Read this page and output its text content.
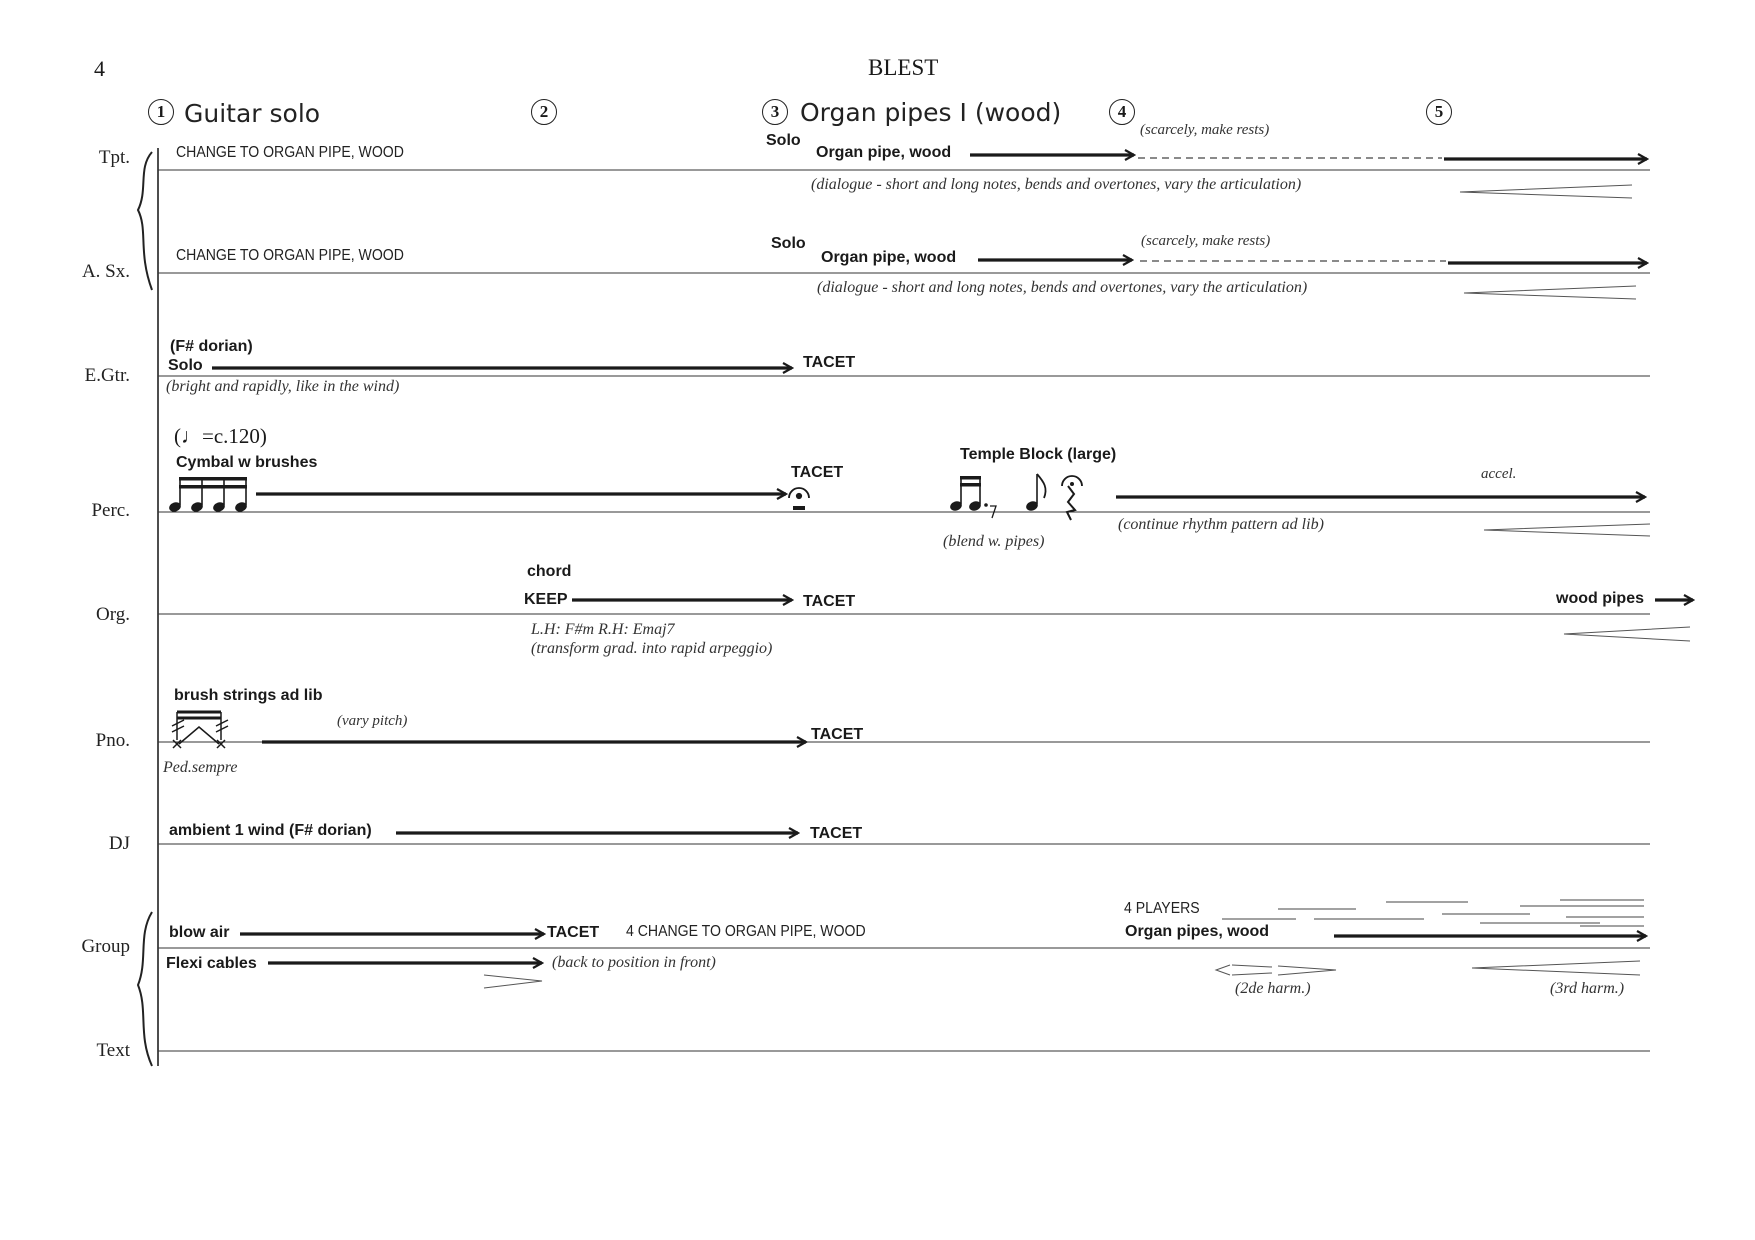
4	BLEST
1 Guitar solo	2	3 Organ pipes I (wood)	4	5
Tpt.
A. Sx.
E.Gtr.
Perc.
Org.
Pno.
DJ
Group
Text
CHANGE TO ORGAN PIPE, WOOD
Solo
Organ pipe, wood
(scarcely, make rests)
(dialogue - short and long notes, bends and overtones, vary the articulation)
CHANGE TO ORGAN PIPE, WOOD
Solo
Organ pipe, wood
(scarcely, make rests)
(dialogue - short and long notes, bends and overtones, vary the articulation)
(F# dorian)
Solo	TACET
(bright and rapidly, like in the wind)
(♩=c.120)
Cymbal w brushes
TACET
Temple Block (large)
accel.
(blend w. pipes)
(continue rhythm pattern ad lib)
chord
KEEP	TACET	wood pipes
L.H: F#m R.H: Emaj7
(transform grad. into rapid arpeggio)
brush strings ad lib
(vary pitch)
TACET
Ped.sempre
ambient 1 wind (F# dorian)	TACET
blow air	TACET 4 CHANGE TO ORGAN PIPE, WOOD
4 PLAYERS
Organ pipes, wood
Flexi cables	(back to position in front)
(2de harm.)	(3rd harm.)
